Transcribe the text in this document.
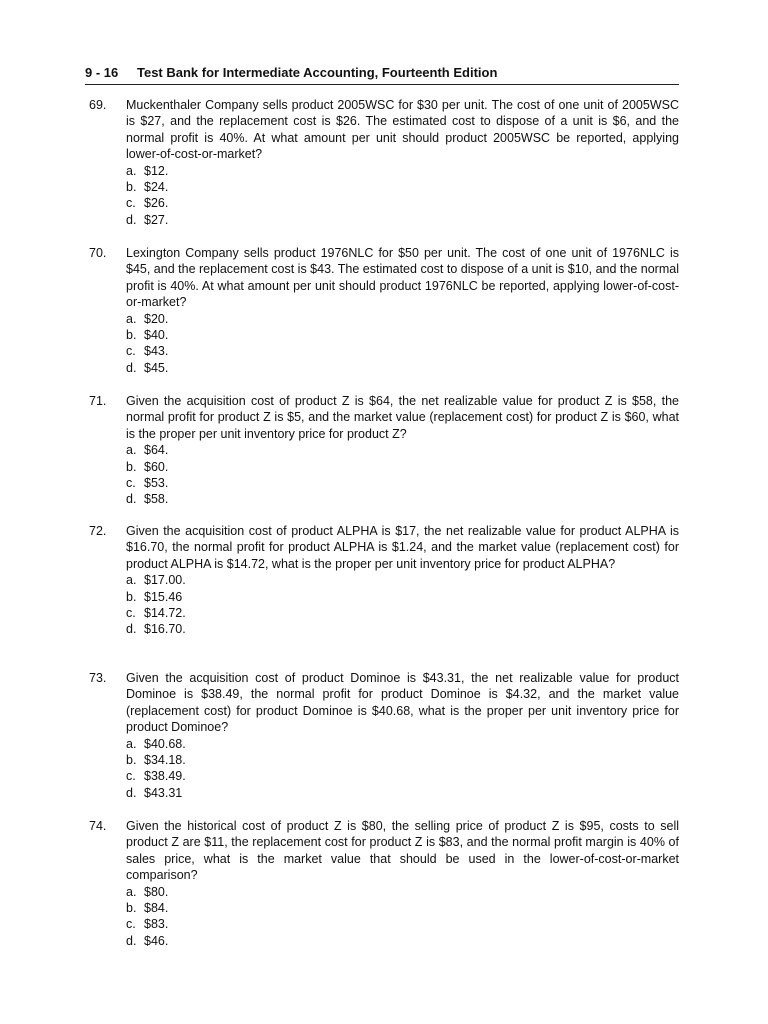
9 - 16 Test Bank for Intermediate Accounting, Fourteenth Edition
69. Muckenthaler Company sells product 2005WSC for $30 per unit. The cost of one unit of 2005WSC is $27, and the replacement cost is $26. The estimated cost to dispose of a unit is $6, and the normal profit is 40%. At what amount per unit should product 2005WSC be reported, applying lower-of-cost-or-market?
a. $12.
b. $24.
c. $26.
d. $27.
70. Lexington Company sells product 1976NLC for $50 per unit. The cost of one unit of 1976NLC is $45, and the replacement cost is $43. The estimated cost to dispose of a unit is $10, and the normal profit is 40%. At what amount per unit should product 1976NLC be reported, applying lower-of-cost-or-market?
a. $20.
b. $40.
c. $43.
d. $45.
71. Given the acquisition cost of product Z is $64, the net realizable value for product Z is $58, the normal profit for product Z is $5, and the market value (replacement cost) for product Z is $60, what is the proper per unit inventory price for product Z?
a. $64.
b. $60.
c. $53.
d. $58.
72. Given the acquisition cost of product ALPHA is $17, the net realizable value for product ALPHA is $16.70, the normal profit for product ALPHA is $1.24, and the market value (replacement cost) for product ALPHA is $14.72, what is the proper per unit inventory price for product ALPHA?
a. $17.00.
b. $15.46
c. $14.72.
d. $16.70.
73. Given the acquisition cost of product Dominoe is $43.31, the net realizable value for product Dominoe is $38.49, the normal profit for product Dominoe is $4.32, and the market value (replacement cost) for product Dominoe is $40.68, what is the proper per unit inventory price for product Dominoe?
a. $40.68.
b. $34.18.
c. $38.49.
d. $43.31
74. Given the historical cost of product Z is $80, the selling price of product Z is $95, costs to sell product Z are $11, the replacement cost for product Z is $83, and the normal profit margin is 40% of sales price, what is the market value that should be used in the lower-of-cost-or-market comparison?
a. $80.
b. $84.
c. $83.
d. $46.
